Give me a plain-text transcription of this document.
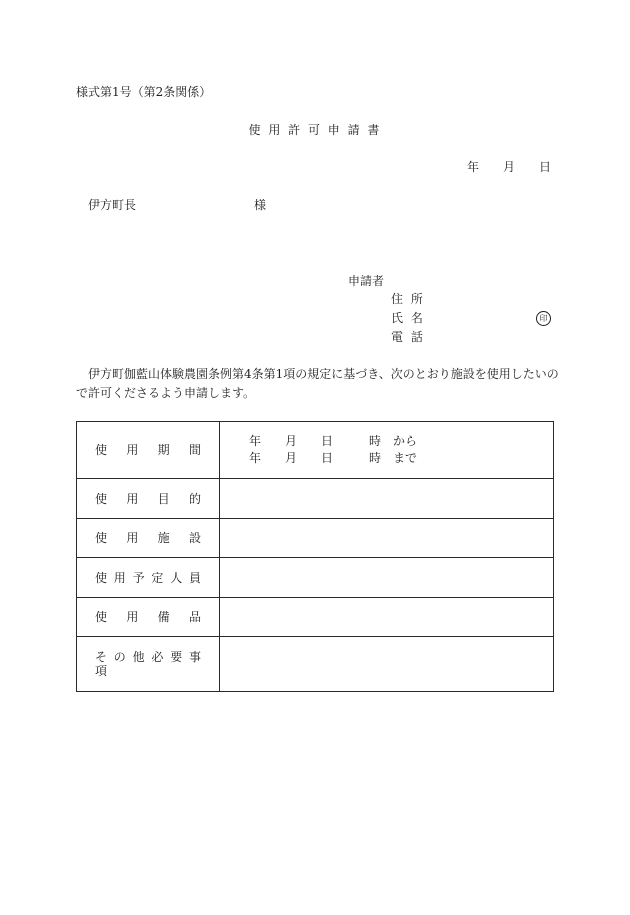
様式第1号（第2条関係）
使 用 許 可 申 請 書
年 月 日
伊方町長	様
申請者
住 所
氏 名	印
電 話
伊方町伽藍山体験農園条例第4条第1項の規定に基づき、次のとおり施設を使用したいの
で許可くださるよう申請します。
使 用 期 間
年　　月　　日　　　時　から
年　　月　　日　　　時　まで
使 用 目 的
使 用 施 設
使 用 予 定 人 員
使 用 備 品
そ の 他 必 要 事 項
